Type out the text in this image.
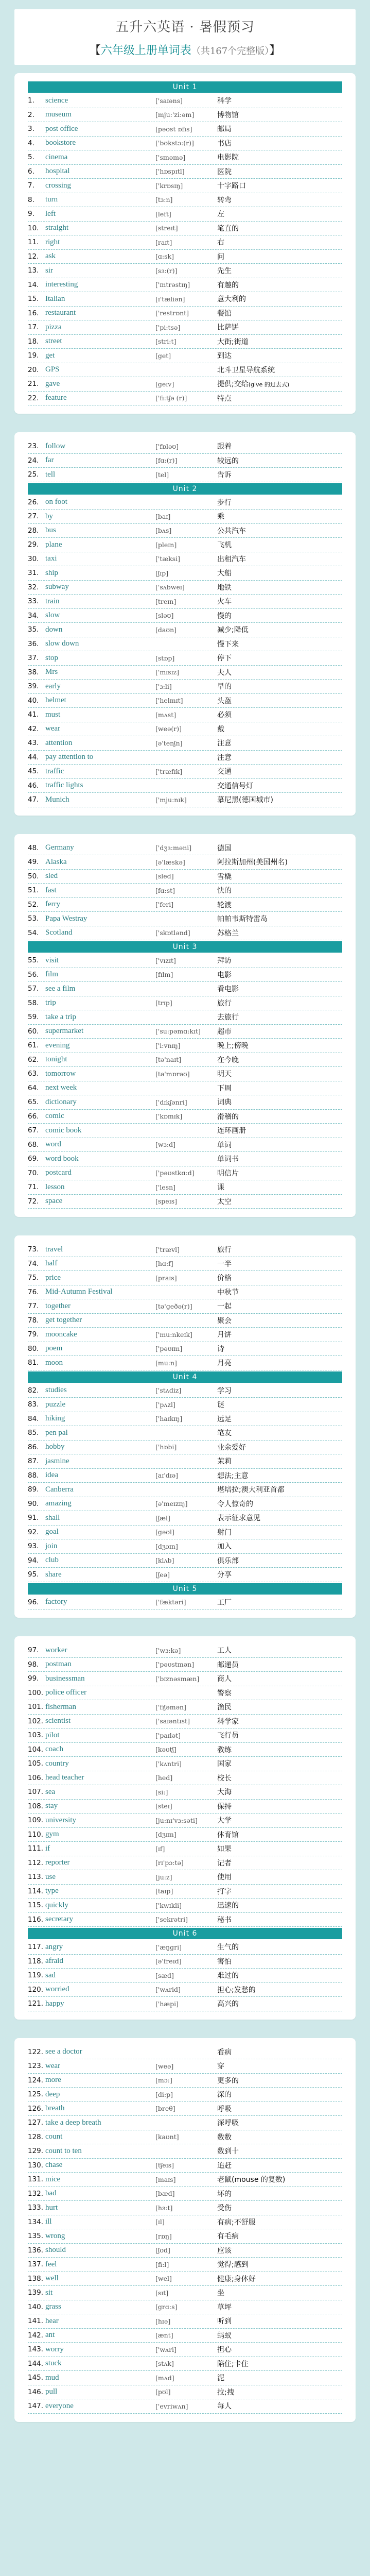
五升六英语 · 暑假预习
【六年级上册单词表（共167个完整版）】
Unit 1
1.	science	['saɪəns]	科学
2.	museum	[mju:'zi:əm]	博物馆
3.	post office	[pəʊst ɒfɪs]	邮局
4.	bookstore	['bʊkstɔ:(r)]	书店
5.	cinema	['sɪnəmə]	电影院
6.	hospital	['hɒspɪtl]	医院
7.	crossing	['krɒsɪŋ]	十字路口
8.	turn	[tɜ:n]	转弯
9.	left	[left]	左
10. straight	[streɪt]	笔直的
11. right	[raɪt]	右
12. ask	[ɑ:sk]	问
13. sir	[sɜ:(r)]	先生
14. interesting	['ɪntrəstɪŋ]	有趣的
15. Italian	[ɪ'tæliən]	意大利的
16. restaurant	['restrɒnt]	餐馆
17. pizza	['pi:tsə]	比萨饼
18. street	[stri:t]	大街;街道
19. get	[get]	到达
20. GPS	北斗卫星导航系统
21. gave	[geɪv]	提供;交给(give 的过去式)
22. feature	['fi:tʃə (r)]	特点
23. follow	['fɒləʊ]	跟着
24. far	[fɑ:(r)]	较远的
25. tell	[tel]	告诉
Unit 2
26. on foot	步行
27. by	[baɪ]	乘
28. bus	[bʌs]	公共汽车
29. plane	[pleɪn]	飞机
30. taxi	['tæksi]	出租汽车
31. ship	[ʃɪp]	大船
32. subway	['sʌbweɪ]	地铁
33. train	[treɪn]	火车
34. slow	[sləʊ]	慢的
35. down	[daʊn]	减少;降低
36. slow down	慢下来
37. stop	[stɒp]	停下
38. Mrs	['mɪsɪz]	夫人
39. early	['ɜ:li]	早的
40. helmet	['helmɪt]	头盔
41. must	[mʌst]	必须
42. wear	[weə(r)]	戴
43. attention	[ə'tenʃn]	注意
44. pay attention to	注意
45. traffic	['træfɪk]	交通
46. traffic lights	交通信号灯
47. Munich	['mju:nɪk]	慕尼黑(德国城市)
48. Germany	['dʒɜ:məni]	德国
49. Alaska	[ə'læskə]	阿拉斯加州(美国州名)
50. sled	[sled]	雪橇
51. fast	[fɑ:st]	快的
52. ferry	['feri]	轮渡
53. Papa Westray	帕帕韦斯特雷岛
54. Scotland	['skɒtlənd]	苏格兰
Unit 3
55. visit	['vɪzɪt]	拜访
56. film	[fɪlm]	电影
57. see a film	看电影
58. trip	[trɪp]	旅行
59. take a trip	去旅行
60. supermarket	['su:pəmɑ:kɪt]	超市
61. evening	['i:vnɪŋ]	晚上;傍晚
62. tonight	[tə'naɪt]	在今晚
63. tomorrow	[tə'mɒrəʊ]	明天
64. next week	下周
65. dictionary	['dɪkʃənri]	词典
66. comic	['kɒmɪk]	滑稽的
67. comic book	连环画册
68. word	[wɜ:d]	单词
69. word book	单词书
70. postcard	['pəʊstkɑ:d]	明信片
71. lesson	['lesn]	课
72. space	[speɪs]	太空
73. travel	['trævl]	旅行
74. half	[hɑ:f]	一半
75. price	[praɪs]	价格
76. Mid-Autumn Festival	中秋节
77. together	[tə'geðə(r)]	一起
78. get together	聚会
79. mooncake	['mu:nkeɪk]	月饼
80. poem	['pəʊɪm]	诗
81. moon	[mu:n]	月亮
Unit 4
82. studies	['stʌdiz]	学习
83. puzzle	['pʌzl]	谜
84. hiking	['haɪkɪŋ]	远足
85. pen pal	笔友
86. hobby	['hɒbi]	业余爱好
87. jasmine	茉莉
88. idea	[aɪ'dɪə]	想法;主意
89. Canberra	堪培拉;澳大利亚首都
90. amazing	[ə'meɪzɪŋ]	令人惊奇的
91. shall	[ʃæl]	表示征求意见
92. goal	[gəʊl]	射门
93. join	[dʒɔɪn]	加入
94. club	[klʌb]	俱乐部
95. share	[ʃeə]	分享
Unit 5
96. factory	['fæktəri]	工厂
97. worker	['wɜ:kə]	工人
98. postman	['pəʊstmən]	邮递员
99. businessman	['bɪznəsmæn]	商人
100. police officer	警察
101. fisherman	['fɪʃəmən]	渔民
102. scientist	['saɪəntɪst]	科学家
103. pilot	['paɪlət]	飞行员
104. coach	[kəʊtʃ]	教练
105. country	['kʌntri]	国家
106. head teacher	[hed]	校长
107. sea	[si:]	大海
108. stay	[steɪ]	保持
109. university	[ju:nɪ'vɜ:səti]	大学
110. gym	[dʒɪm]	体育馆
111. if	[ɪf]	如果
112. reporter	[rɪ'pɔ:tə]	记者
113. use	[ju:z]	使用
114. type	[taɪp]	打字
115. quickly	['kwɪkli]	迅速的
116. secretary	['sekrətri]	秘书
Unit 6
117. angry	['æŋgri]	生气的
118. afraid	[ə'freɪd]	害怕
119. sad	[sæd]	难过的
120. worried	['wʌrid]	担心;发愁的
121. happy	['hæpi]	高兴的
122. see a doctor	看病
123. wear	[weə]	穿
124. more	[mɔ:]	更多的
125. deep	[di:p]	深的
126. breath	[breθ]	呼吸
127. take a deep breath	深呼吸
128. count	[kaʊnt]	数数
129. count to ten	数到十
130. chase	[tʃeɪs]	追赶
131. mice	[maɪs]	老鼠(mouse 的复数)
132. bad	[bæd]	坏的
133. hurt	[hɜ:t]	受伤
134. ill	[ɪl]	有病;不舒服
135. wrong	[rɒŋ]	有毛病
136. should	[ʃʊd]	应该
137. feel	[fi:l]	觉得;感到
138. well	[wel]	健康;身体好
139. sit	[sɪt]	坐
140. grass	[grɑ:s]	草坪
141. hear	[hɪə]	听到
142. ant	[ænt]	蚂蚁
143. worry	['wʌri]	担心
144. stuck	[stʌk]	陷住;卡住
145. mud	[mʌd]	泥
146. pull	[pʊl]	拉;拽
147. everyone	['evriwʌn]	每人
